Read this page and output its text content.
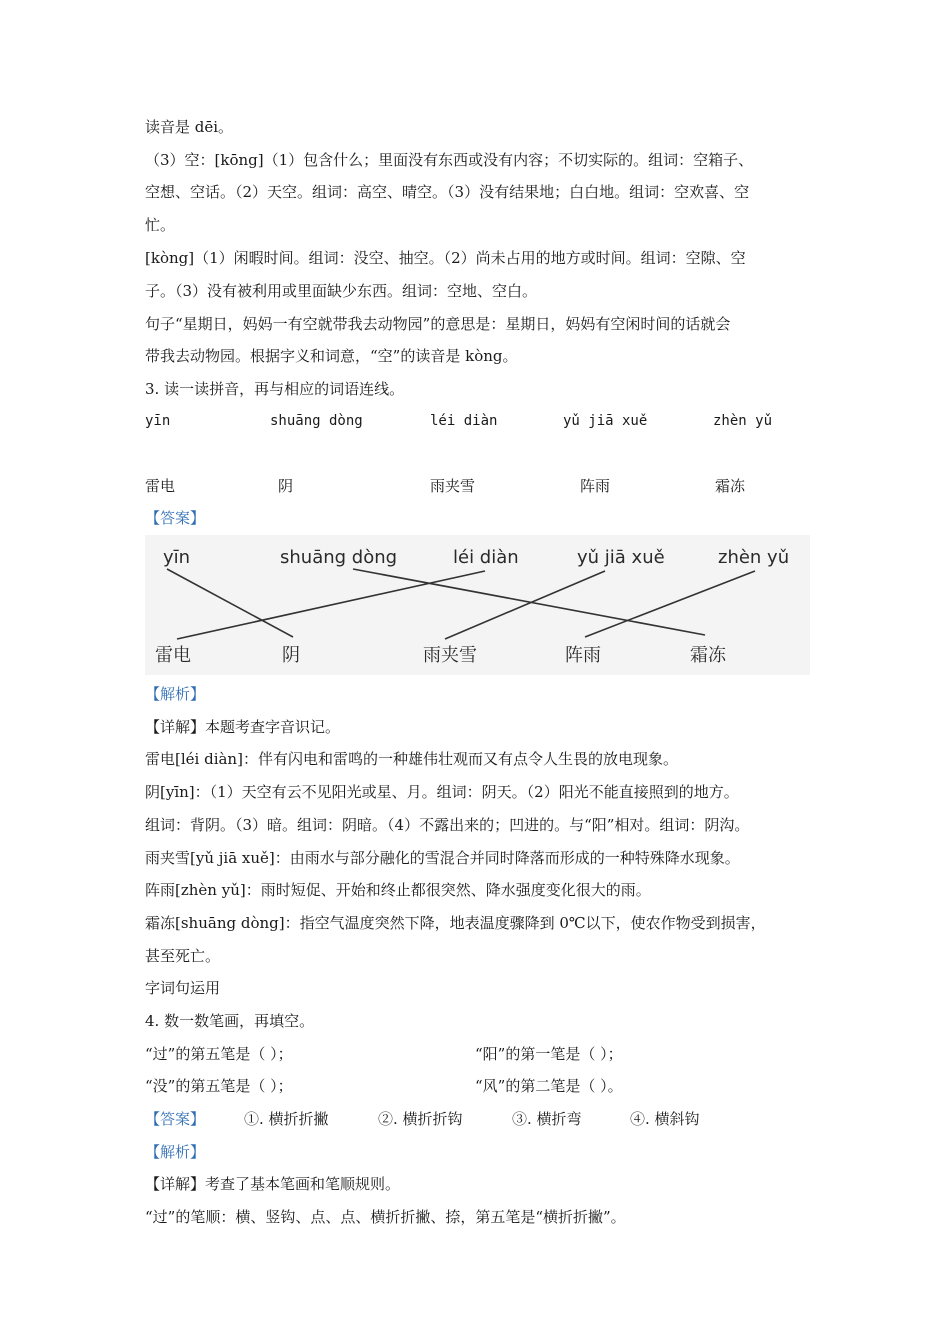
读音是 dēi。
（3）空：[kōng]（1）包含什么；里面没有东西或没有内容；不切实际的。组词：空箱子、
空想、空话。（2）天空。组词：高空、晴空。（3）没有结果地；白白地。组词：空欢喜、空
忙。
[kòng]（1）闲暇时间。组词：没空、抽空。（2）尚未占用的地方或时间。组词：空隙、空
子。（3）没有被利用或里面缺少东西。组词：空地、空白。
句子“星期日，妈妈一有空就带我去动物园”的意思是：星期日，妈妈有空闲时间的话就会
带我去动物园。根据字义和词意，“空”的读音是 kòng。
3. 读一读拼音，再与相应的词语连线。
yīn	shuāng dòng	léi diàn	yǔ jiā xuě	zhèn yǔ
雷电	阴	雨夹雪	阵雨	霜冻
【答案】
yīn	shuāng dòng	léi diàn	yǔ jiā xuě	zhèn yǔ
雷电	阴	雨夹雪	阵雨	霜冻
【解析】
【详解】本题考查字音识记。
雷电[léi diàn]：伴有闪电和雷鸣的一种雄伟壮观而又有点令人生畏的放电现象。
阴[yīn]：（1）天空有云不见阳光或星、月。组词：阴天。（2）阳光不能直接照到的地方。
组词：背阴。（3）暗。组词：阴暗。（4）不露出来的；凹进的。与“阳”相对。组词：阴沟。
雨夹雪[yǔ jiā xuě]：由雨水与部分融化的雪混合并同时降落而形成的一种特殊降水现象。
阵雨[zhèn yǔ]：雨时短促、开始和终止都很突然、降水强度变化很大的雨。
霜冻[shuāng dòng]：指空气温度突然下降，地表温度骤降到 0℃以下，使农作物受到损害，
甚至死亡。
字词句运用
4. 数一数笔画，再填空。
“过”的第五笔是（ ）；	“阳”的第一笔是（ ）；
“没”的第五笔是（ ）；	“风”的第二笔是（ ）。
【答案】	①. 横折折撇	②. 横折折钩	③. 横折弯	④. 横斜钩
【解析】
【详解】考查了基本笔画和笔顺规则。
“过”的笔顺：横、竖钩、点、点、横折折撇、捺，第五笔是“横折折撇”。
